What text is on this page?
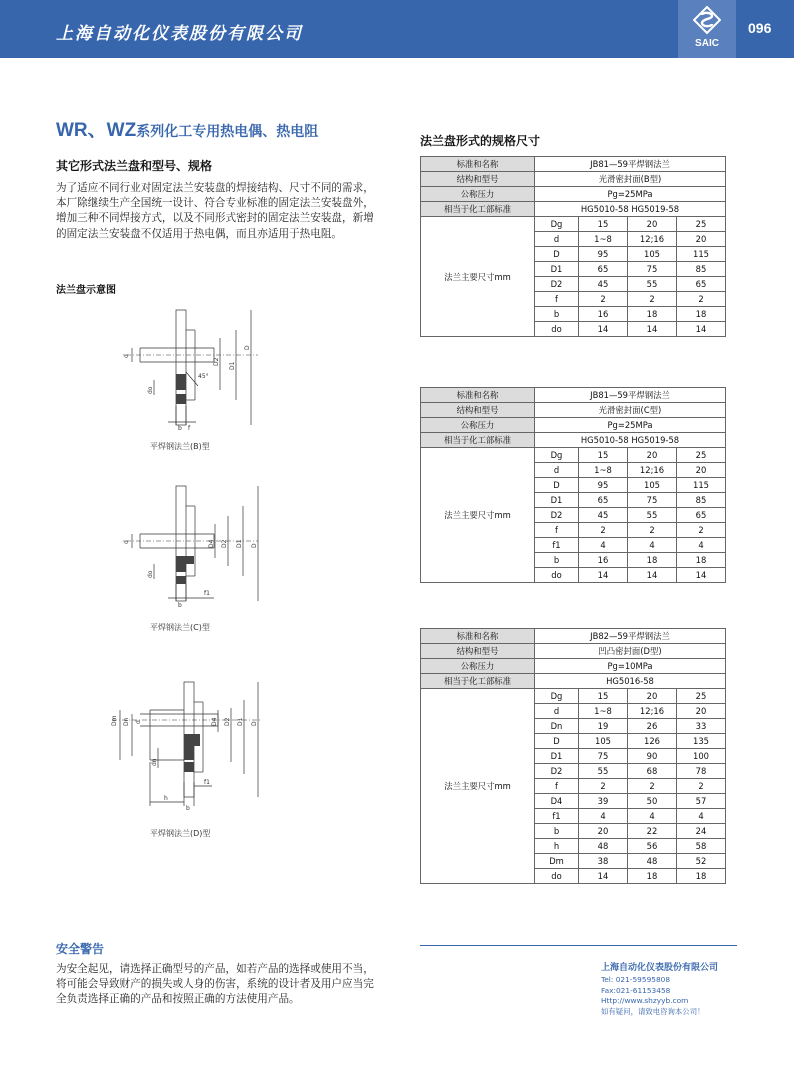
上海自动化仪表股份有限公司	SAIC
096
WR、WZ系列化工专用热电偶、热电阻
其它形式法兰盘和型号、规格
为了适应不同行业对固定法兰安装盘的焊接结构、尺寸不同的需求，本厂除继续生产全国统一设计、符合专业标准的固定法兰安装盘外，增加三种不同焊接方式，以及不同形式密封的固定法兰安装盘，新增的固定法兰安装盘不仅适用于热电偶，而且亦适用于热电阻。
法兰盘示意图
d
do
D2 D1
D
b f
45°
平焊钢法兰(B)型
d
do
D4 D2 D1 D
b
f1
平焊钢法兰(C)型
Dm Dn d	D4 D2 D1 D
dn
f1
b
h
平焊钢法兰(D)型
法兰盘形式的规格尺寸
标准和名称	JB81—59平焊钢法兰			
结构和型号	光滑密封面(B型)			
公称压力	Pg=25MPa			
相当于化工部标准	HG5010-58 HG5019-58			
法兰主要尺寸mm	Dg	15	20	25
	d	1~8	12;16	20
	D	95	105	115
	D1	65	75	85
	D2	45	55	65
	f	2	2	2
	b	16	18	18
	do	14	14	14
标准和名称	JB81—59平焊钢法兰			
结构和型号	光滑密封面(C型)			
公称压力	Pg=25MPa			
相当于化工部标准	HG5010-58 HG5019-58			
法兰主要尺寸mm	Dg	15	20	25
	d	1~8	12;16	20
	D	95	105	115
	D1	65	75	85
	D2	45	55	65
	f	2	2	2
	f1	4	4	4
	b	16	18	18
	do	14	14	14
标准和名称	JB82—59平焊钢法兰			
结构和型号	凹凸密封面(D型)			
公称压力	Pg=10MPa			
相当于化工部标准	HG5016-58			
法兰主要尺寸mm	Dg	15	20	25
	d	1~8	12;16	20
	Dn	19	26	33
	D	105	126	135
	D1	75	90	100
	D2	55	68	78
	f	2	2	2
	D4	39	50	57
	f1	4	4	4
	b	20	22	24
	h	48	56	58
	Dm	38	48	52
	do	14	18	18
安全警告
为安全起见，请选择正确型号的产品，如若产品的选择或使用不当，将可能会导致财产的损失或人身的伤害，系统的设计者及用户应当完全负责选择正确的产品和按照正确的方法使用产品。
上海自动化仪表股份有限公司
Tel: 021-59595808
Fax:021-61153458
Http://www.shzyyb.com
如有疑问，请致电咨询本公司！
